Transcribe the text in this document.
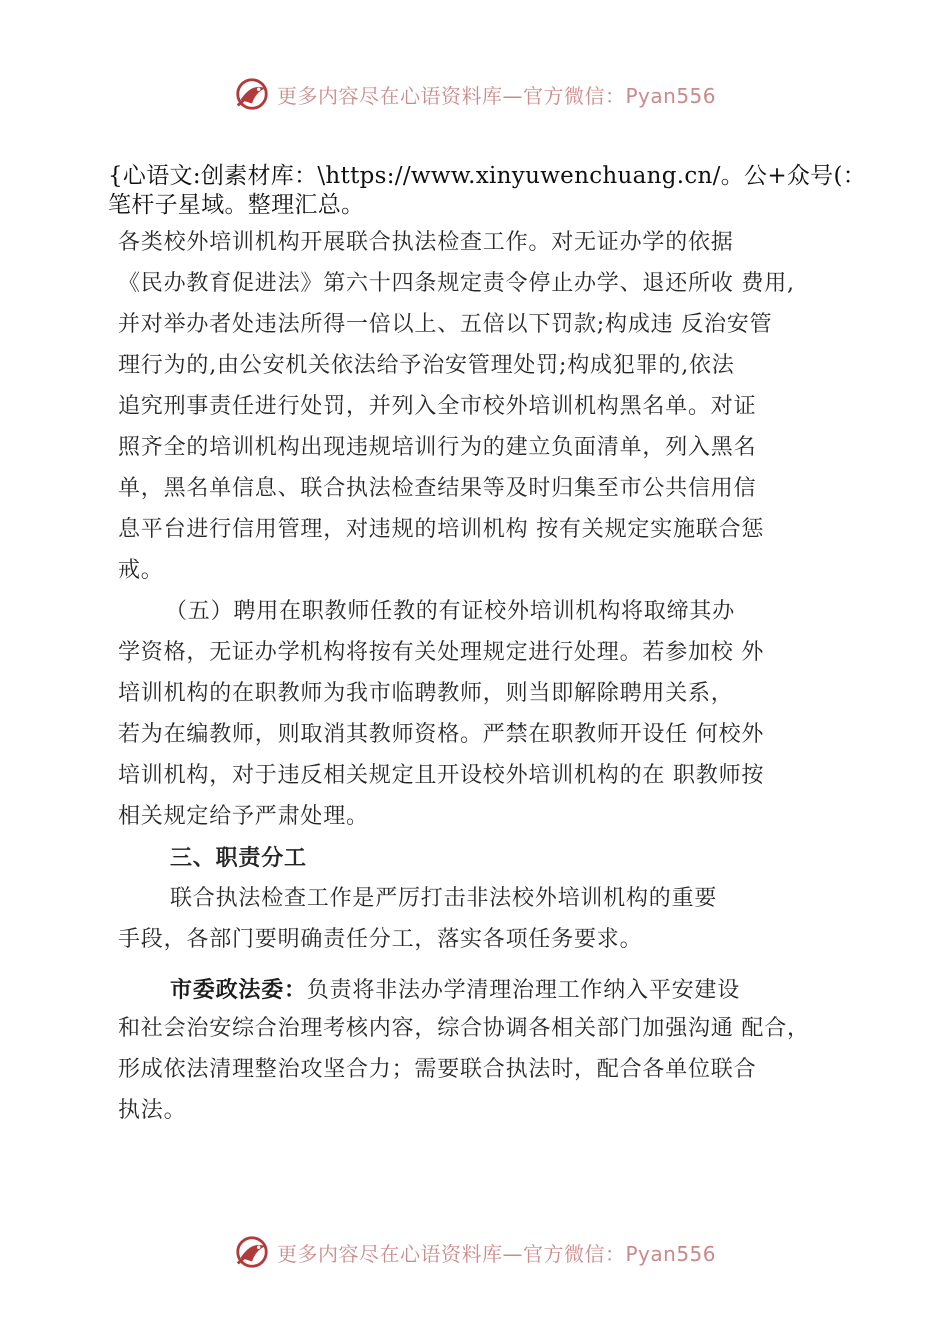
更多内容尽在心语资料库—官方微信：Pyan556
{心语文:创素材库：\https://www.xinyuwenchuang.cn/。公+众号(：笔杆子星域。整理汇总。
各类校外培训机构开展联合执法检查工作。对无证办学的依据
《民办教育促进法》第六十四条规定责令停止办学、退还所收 费用,
并对举办者处违法所得一倍以上、五倍以下罚款;构成违 反治安管
理行为的,由公安机关依法给予治安管理处罚;构成犯罪的,依法
追究刑事责任进行处罚，并列入全市校外培训机构黑名单。对证
照齐全的培训机构出现违规培训行为的建立负面清单，列入黑名
单，黑名单信息、联合执法检查结果等及时归集至市公共信用信
息平台进行信用管理，对违规的培训机构 按有关规定实施联合惩
戒。
（五）聘用在职教师任教的有证校外培训机构将取缔其办
学资格，无证办学机构将按有关处理规定进行处理。若参加校 外
培训机构的在职教师为我市临聘教师，则当即解除聘用关系，
若为在编教师，则取消其教师资格。严禁在职教师开设任 何校外
培训机构，对于违反相关规定且开设校外培训机构的在 职教师按
相关规定给予严肃处理。
三、职责分工
联合执法检查工作是严厉打击非法校外培训机构的重要
手段，各部门要明确责任分工，落实各项任务要求。
市委政法委：负责将非法办学清理治理工作纳入平安建设
和社会治安综合治理考核内容，综合协调各相关部门加强沟通 配合，
形成依法清理整治攻坚合力；需要联合执法时，配合各单位联合
执法。
更多内容尽在心语资料库—官方微信：Pyan556
